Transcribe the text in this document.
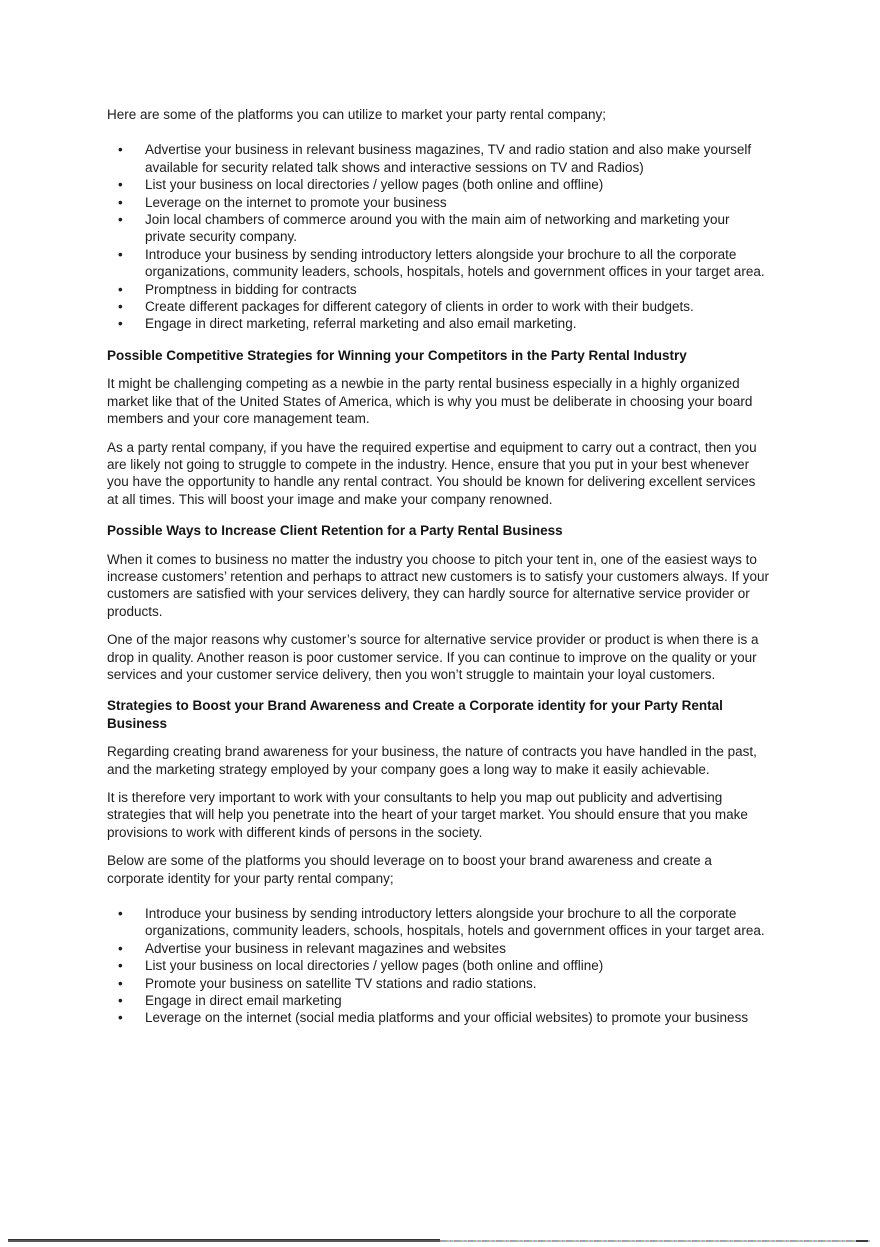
Here are some of the platforms you can utilize to market your party rental company;

• Advertise your business in relevant business magazines, TV and radio station and also make yourself available for security related talk shows and interactive sessions on TV and Radios)
• List your business on local directories / yellow pages (both online and offline)
• Leverage on the internet to promote your business
• Join local chambers of commerce around you with the main aim of networking and marketing your private security company.
• Introduce your business by sending introductory letters alongside your brochure to all the corporate organizations, community leaders, schools, hospitals, hotels and government offices in your target area.
• Promptness in bidding for contracts
• Create different packages for different category of clients in order to work with their budgets.
• Engage in direct marketing, referral marketing and also email marketing.
Possible Competitive Strategies for Winning your Competitors in the Party Rental Industry

It might be challenging competing as a newbie in the party rental business especially in a highly organized market like that of the United States of America, which is why you must be deliberate in choosing your board members and your core management team.

As a party rental company, if you have the required expertise and equipment to carry out a contract, then you are likely not going to struggle to compete in the industry. Hence, ensure that you put in your best whenever you have the opportunity to handle any rental contract. You should be known for delivering excellent services at all times. This will boost your image and make your company renowned.

Possible Ways to Increase Client Retention for a Party Rental Business

When it comes to business no matter the industry you choose to pitch your tent in, one of the easiest ways to increase customers’ retention and perhaps to attract new customers is to satisfy your customers always. If your customers are satisfied with your services delivery, they can hardly source for alternative service provider or products.

One of the major reasons why customer’s source for alternative service provider or product is when there is a drop in quality. Another reason is poor customer service. If you can continue to improve on the quality or your services and your customer service delivery, then you won’t struggle to maintain your loyal customers.

Strategies to Boost your Brand Awareness and Create a Corporate identity for your Party Rental Business

Regarding creating brand awareness for your business, the nature of contracts you have handled in the past, and the marketing strategy employed by your company goes a long way to make it easily achievable.

It is therefore very important to work with your consultants to help you map out publicity and advertising strategies that will help you penetrate into the heart of your target market. You should ensure that you make provisions to work with different kinds of persons in the society.

Below are some of the platforms you should leverage on to boost your brand awareness and create a corporate identity for your party rental company;

• Introduce your business by sending introductory letters alongside your brochure to all the corporate organizations, community leaders, schools, hospitals, hotels and government offices in your target area.
• Advertise your business in relevant magazines and websites
• List your business on local directories / yellow pages (both online and offline)
• Promote your business on satellite TV stations and radio stations.
• Engage in direct email marketing
• Leverage on the internet (social media platforms and your official websites) to promote your business
